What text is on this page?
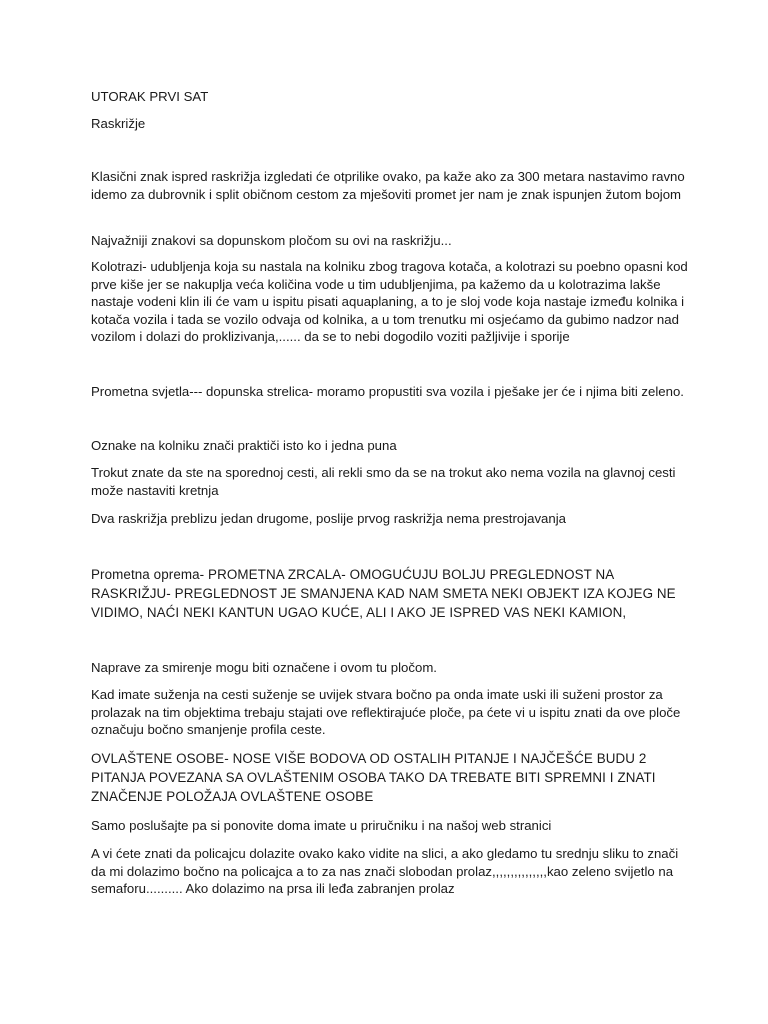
UTORAK PRVI SAT

Raskrižje

Klasični znak ispred raskrižja izgledati će otprilike ovako, pa kaže ako za 300 metara nastavimo ravno idemo za dubrovnik i split običnom cestom za mješoviti promet jer nam je znak ispunjen žutom bojom

Najvažniji znakovi sa dopunskom pločom su ovi na raskrižju...

Kolotrazi- udubljenja koja su nastala na kolniku zbog tragova kotača, a kolotrazi su poebno opasni kod prve kiše jer se nakuplja veća količina vode u tim udubljenjima, pa kažemo da u kolotrazima lakše nastaje vodeni klin ili će vam u ispitu pisati aquaplaning, a to je sloj vode koja nastaje između kolnika i kotača vozila i tada se vozilo odvaja od kolnika, a u tom trenutku mi osjećamo da gubimo nadzor nad vozilom i dolazi do proklizivanja,...... da se to nebi dogodilo voziti pažljivije i sporije

Prometna svjetla--- dopunska strelica- moramo propustiti sva vozila i pješake jer će i njima biti zeleno.

Oznake na kolniku znači praktiči isto ko i jedna puna

Trokut znate da ste na sporednoj cesti, ali rekli smo da se na trokut ako nema vozila na glavnoj cesti može nastaviti kretnja

Dva raskrižja preblizu jedan drugome, poslije prvog raskrižja nema prestrojavanja

Prometna oprema- PROMETNA ZRCALA- OMOGUĆUJU BOLJU PREGLEDNOST NA RASKRIŽJU- PREGLEDNOST JE SMANJENA KAD NAM SMETA NEKI OBJEKT IZA KOJEG NE VIDIMO, NAĆI NEKI KANTUN UGAO KUĆE, ALI I AKO JE ISPRED VAS NEKI KAMION,

Naprave za smirenje mogu biti označene i ovom tu pločom.

Kad imate suženja na cesti suženje se uvijek stvara bočno pa onda imate uski ili suženi prostor za prolazak na tim objektima trebaju stajati ove reflektirajuće ploče, pa ćete vi u ispitu znati da ove ploče označuju bočno smanjenje profila ceste.

OVLAŠTENE OSOBE- NOSE VIŠE BODOVA OD OSTALIH PITANJE I NAJČEŠĆE BUDU 2 PITANJA POVEZANA SA OVLAŠTENIM OSOBA TAKO DA TREBATE BITI SPREMNI I ZNATI ZNAČENJE POLOŽAJA OVLAŠTENE OSOBE

Samo poslušajte pa si ponovite doma imate u priručniku i na našoj web stranici

A vi ćete znati da policajcu dolazite ovako kako vidite na slici, a ako gledamo tu srednju sliku to znači da mi dolazimo bočno na policajca a to za nas znači slobodan prolaz,,,,,,,,,,,,,,,kao zeleno svijetlo na semaforu.......... Ako dolazimo na prsa ili leđa zabranjen prolaz
